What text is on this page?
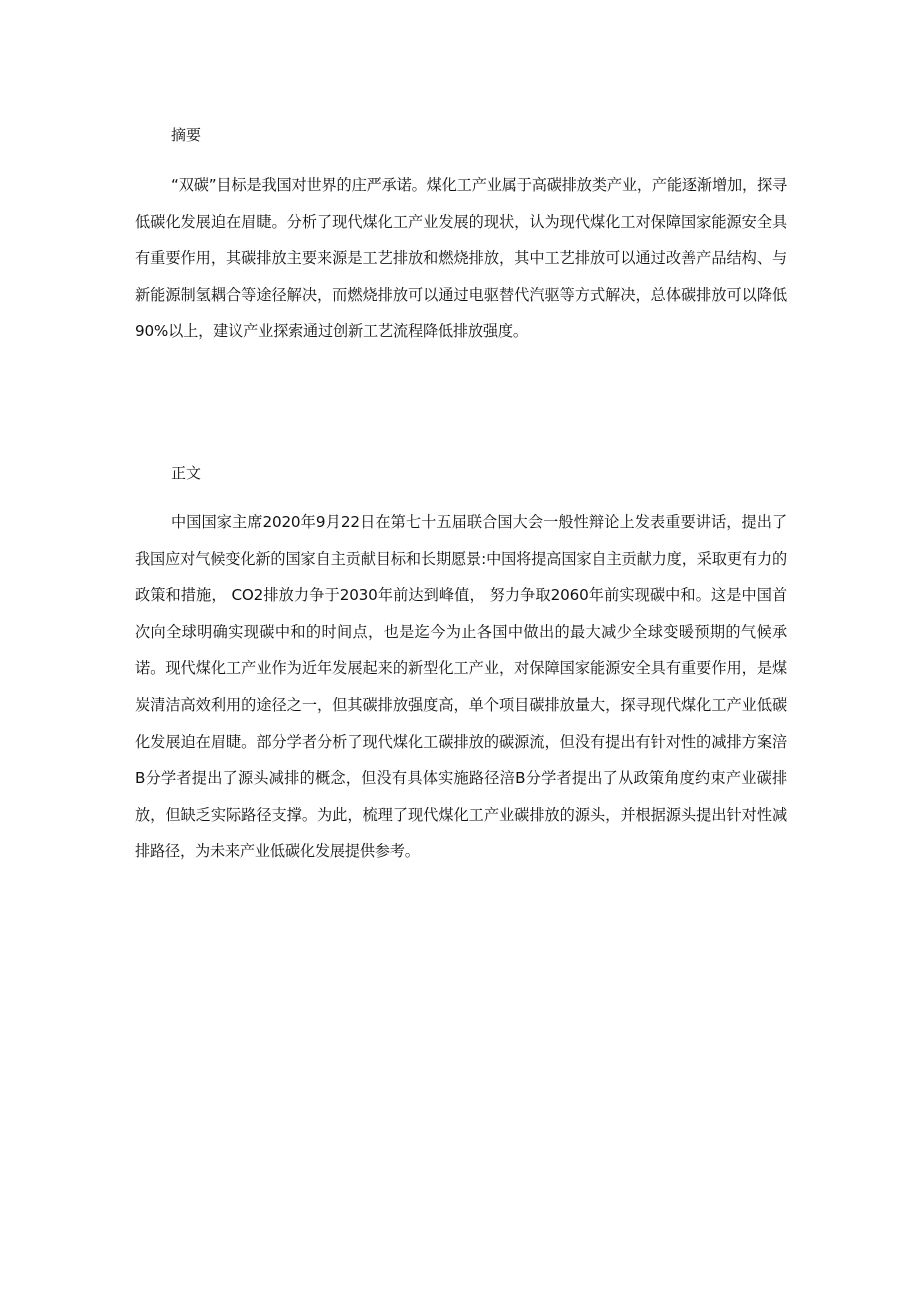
摘要

“双碳”目标是我国对世界的庄严承诺。煤化工产业属于高碳排放类产业，产能逐渐增加，探寻低碳化发展迫在眉睫。分析了现代煤化工产业发展的现状，认为现代煤化工对保障国家能源安全具有重要作用，其碳排放主要来源是工艺排放和燃烧排放，其中工艺排放可以通过改善产品结构、与新能源制氢耦合等途径解决，而燃烧排放可以通过电驱替代汽驱等方式解决，总体碳排放可以降低90%以上，建议产业探索通过创新工艺流程降低排放强度。

正文

中国国家主席2020年9月22日在第七十五届联合国大会一般性辩论上发表重要讲话，提出了我国应对气候变化新的国家自主贡献目标和长期愿景:中国将提高国家自主贡献力度，采取更有力的政策和措施， CO2排放力争于2030年前达到峰值， 努力争取2060年前实现碳中和。这是中国首次向全球明确实现碳中和的时间点，也是迄今为止各国中做出的最大减少全球变暖预期的气候承诺。现代煤化工产业作为近年发展起来的新型化工产业，对保障国家能源安全具有重要作用，是煤炭清洁高效利用的途径之一，但其碳排放强度高，单个项目碳排放量大，探寻现代煤化工产业低碳化发展迫在眉睫。部分学者分析了现代煤化工碳排放的碳源流，但没有提出有针对性的减排方案涪B分学者提出了源头减排的概念，但没有具体实施路径涪B分学者提出了从政策角度约束产业碳排放，但缺乏实际路径支撑。为此，梳理了现代煤化工产业碳排放的源头，并根据源头提出针对性减排路径，为未来产业低碳化发展提供参考。
